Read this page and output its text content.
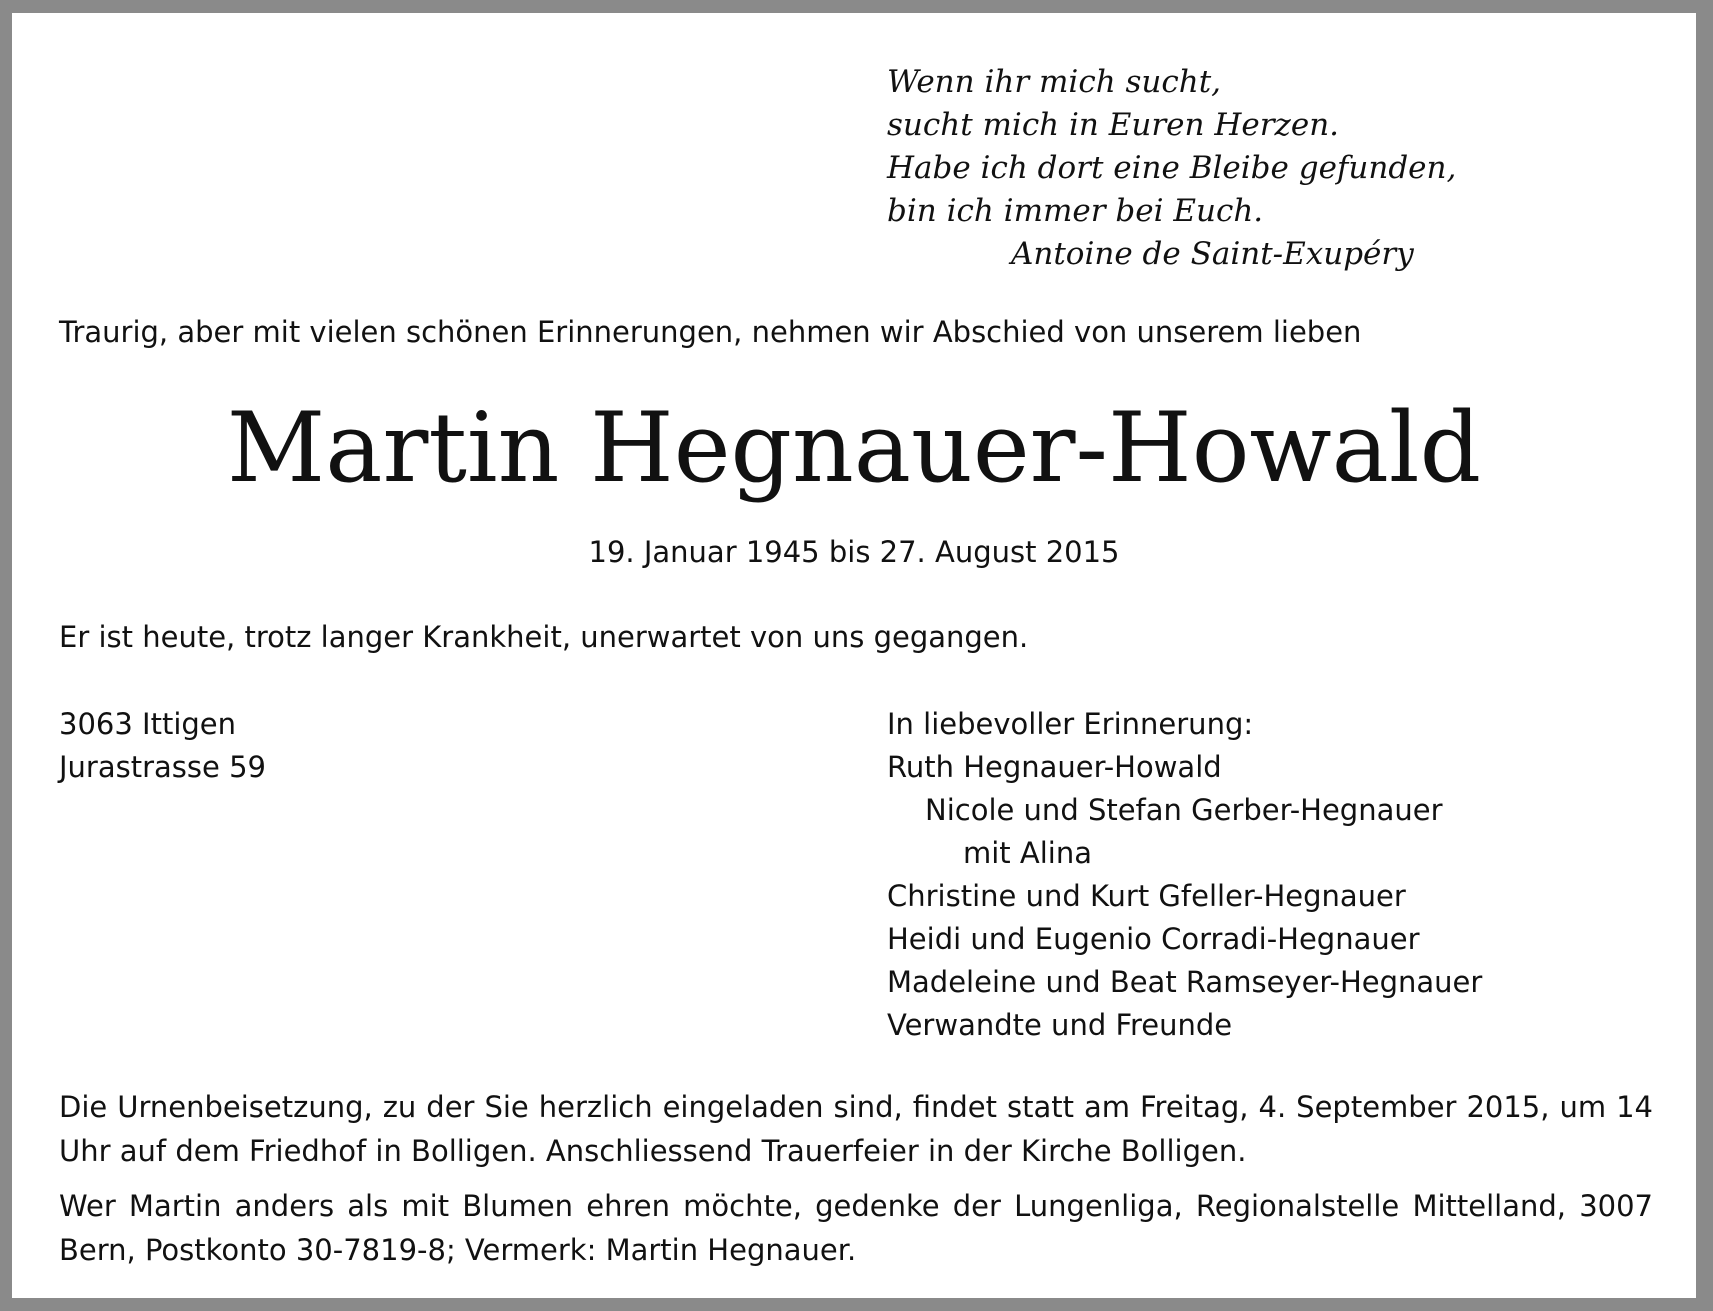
Wenn ihr mich sucht,
sucht mich in Euren Herzen.
Habe ich dort eine Bleibe gefunden,
bin ich immer bei Euch.
Antoine de Saint-Exupéry
Traurig, aber mit vielen schönen Erinnerungen, nehmen wir Abschied von unserem lieben
Martin Hegnauer-Howald
19. Januar 1945 bis 27. August 2015
Er ist heute, trotz langer Krankheit, unerwartet von uns gegangen.
3063 Ittigen
Jurastrasse 59
In liebevoller Erinnerung:
Ruth Hegnauer-Howald
Nicole und Stefan Gerber-Hegnauer
mit Alina
Christine und Kurt Gfeller-Hegnauer
Heidi und Eugenio Corradi-Hegnauer
Madeleine und Beat Ramseyer-Hegnauer
Verwandte und Freunde
Die Urnenbeisetzung, zu der Sie herzlich eingeladen sind, findet statt am Freitag, 4. September 2015, um 14 Uhr auf dem Friedhof in Bolligen. Anschliessend Trauerfeier in der Kirche Bolligen.
Wer Martin anders als mit Blumen ehren möchte, gedenke der Lungenliga, Regionalstelle Mittelland, 3007 Bern, Postkonto 30-7819-8; Vermerk: Martin Hegnauer.
